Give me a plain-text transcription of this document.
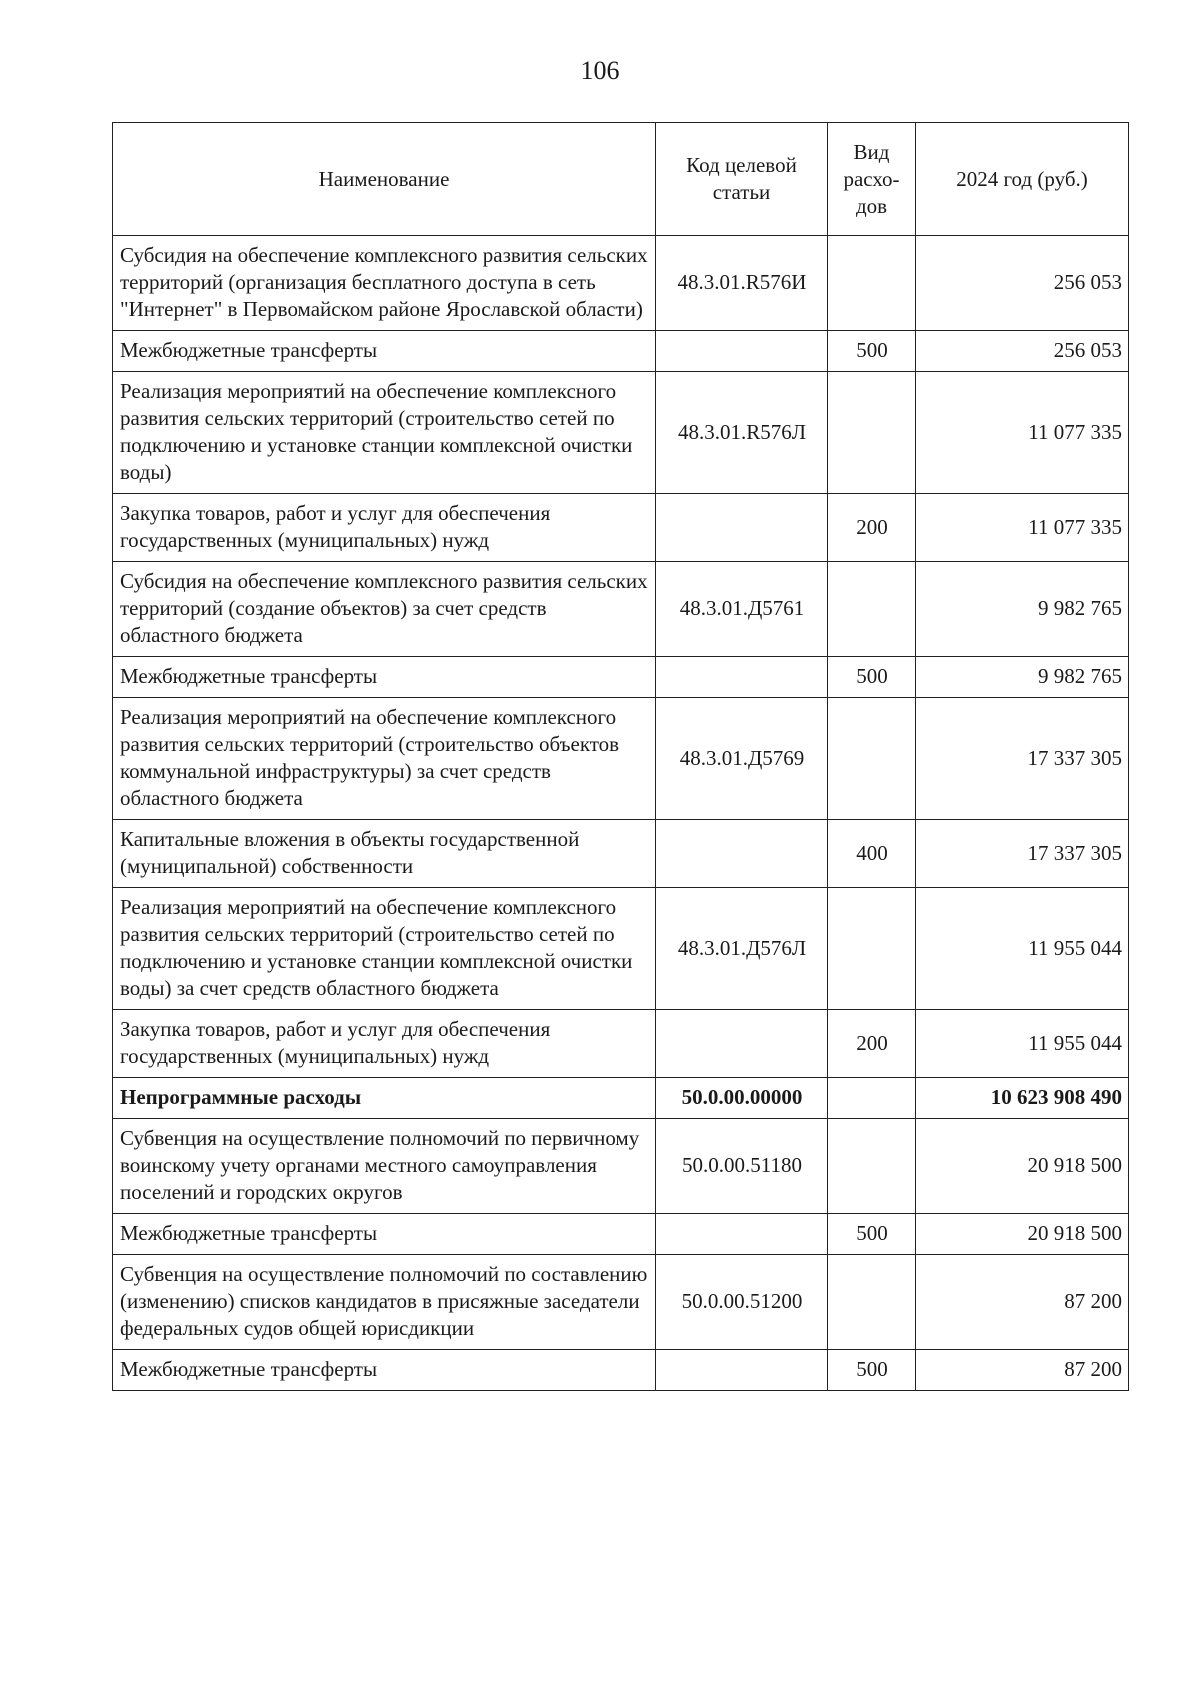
106
Наименование	Код целевой статьи	Вид расхо-дов	2024 год (руб.)
Субсидия на обеспечение комплексного развития сельских территорий (организация бесплатного доступа в сеть "Интернет" в Первомайском районе Ярославской области)	48.3.01.R576И		256 053
Межбюджетные трансферты		500	256 053
Реализация мероприятий на обеспечение комплексного развития сельских территорий (строительство сетей по подключению и установке станции комплексной очистки воды)	48.3.01.R576Л		11 077 335
Закупка товаров, работ и услуг для обеспечения государственных (муниципальных) нужд		200	11 077 335
Субсидия на обеспечение комплексного развития сельских территорий (создание объектов) за счет средств областного бюджета	48.3.01.Д5761		9 982 765
Межбюджетные трансферты		500	9 982 765
Реализация мероприятий на обеспечение комплексного развития сельских территорий (строительство объектов коммунальной инфраструктуры) за счет средств областного бюджета	48.3.01.Д5769		17 337 305
Капитальные вложения в объекты государственной (муниципальной) собственности		400	17 337 305
Реализация мероприятий на обеспечение комплексного развития сельских территорий (строительство сетей по подключению и установке станции комплексной очистки воды) за счет средств областного бюджета	48.3.01.Д576Л		11 955 044
Закупка товаров, работ и услуг для обеспечения государственных (муниципальных) нужд		200	11 955 044
Непрограммные расходы	50.0.00.00000		10 623 908 490
Субвенция на осуществление полномочий по первичному воинскому учету органами местного самоуправления поселений и городских округов	50.0.00.51180		20 918 500
Межбюджетные трансферты		500	20 918 500
Субвенция на осуществление полномочий по составлению (изменению) списков кандидатов в присяжные заседатели федеральных судов общей юрисдикции	50.0.00.51200		87 200
Межбюджетные трансферты		500	87 200
